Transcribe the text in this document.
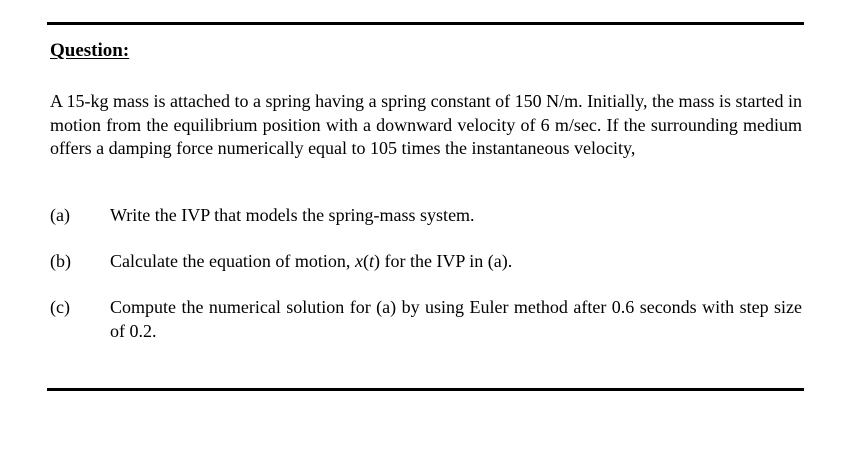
Question:
A 15-kg mass is attached to a spring having a spring constant of 150 N/m. Initially, the mass is started in motion from the equilibrium position with a downward velocity of 6 m/sec. If the surrounding medium offers a damping force numerically equal to 105 times the instantaneous velocity,
(a) Write the IVP that models the spring-mass system.
(b) Calculate the equation of motion, x(t) for the IVP in (a).
(c) Compute the numerical solution for (a) by using Euler method after 0.6 seconds with step size of 0.2.
